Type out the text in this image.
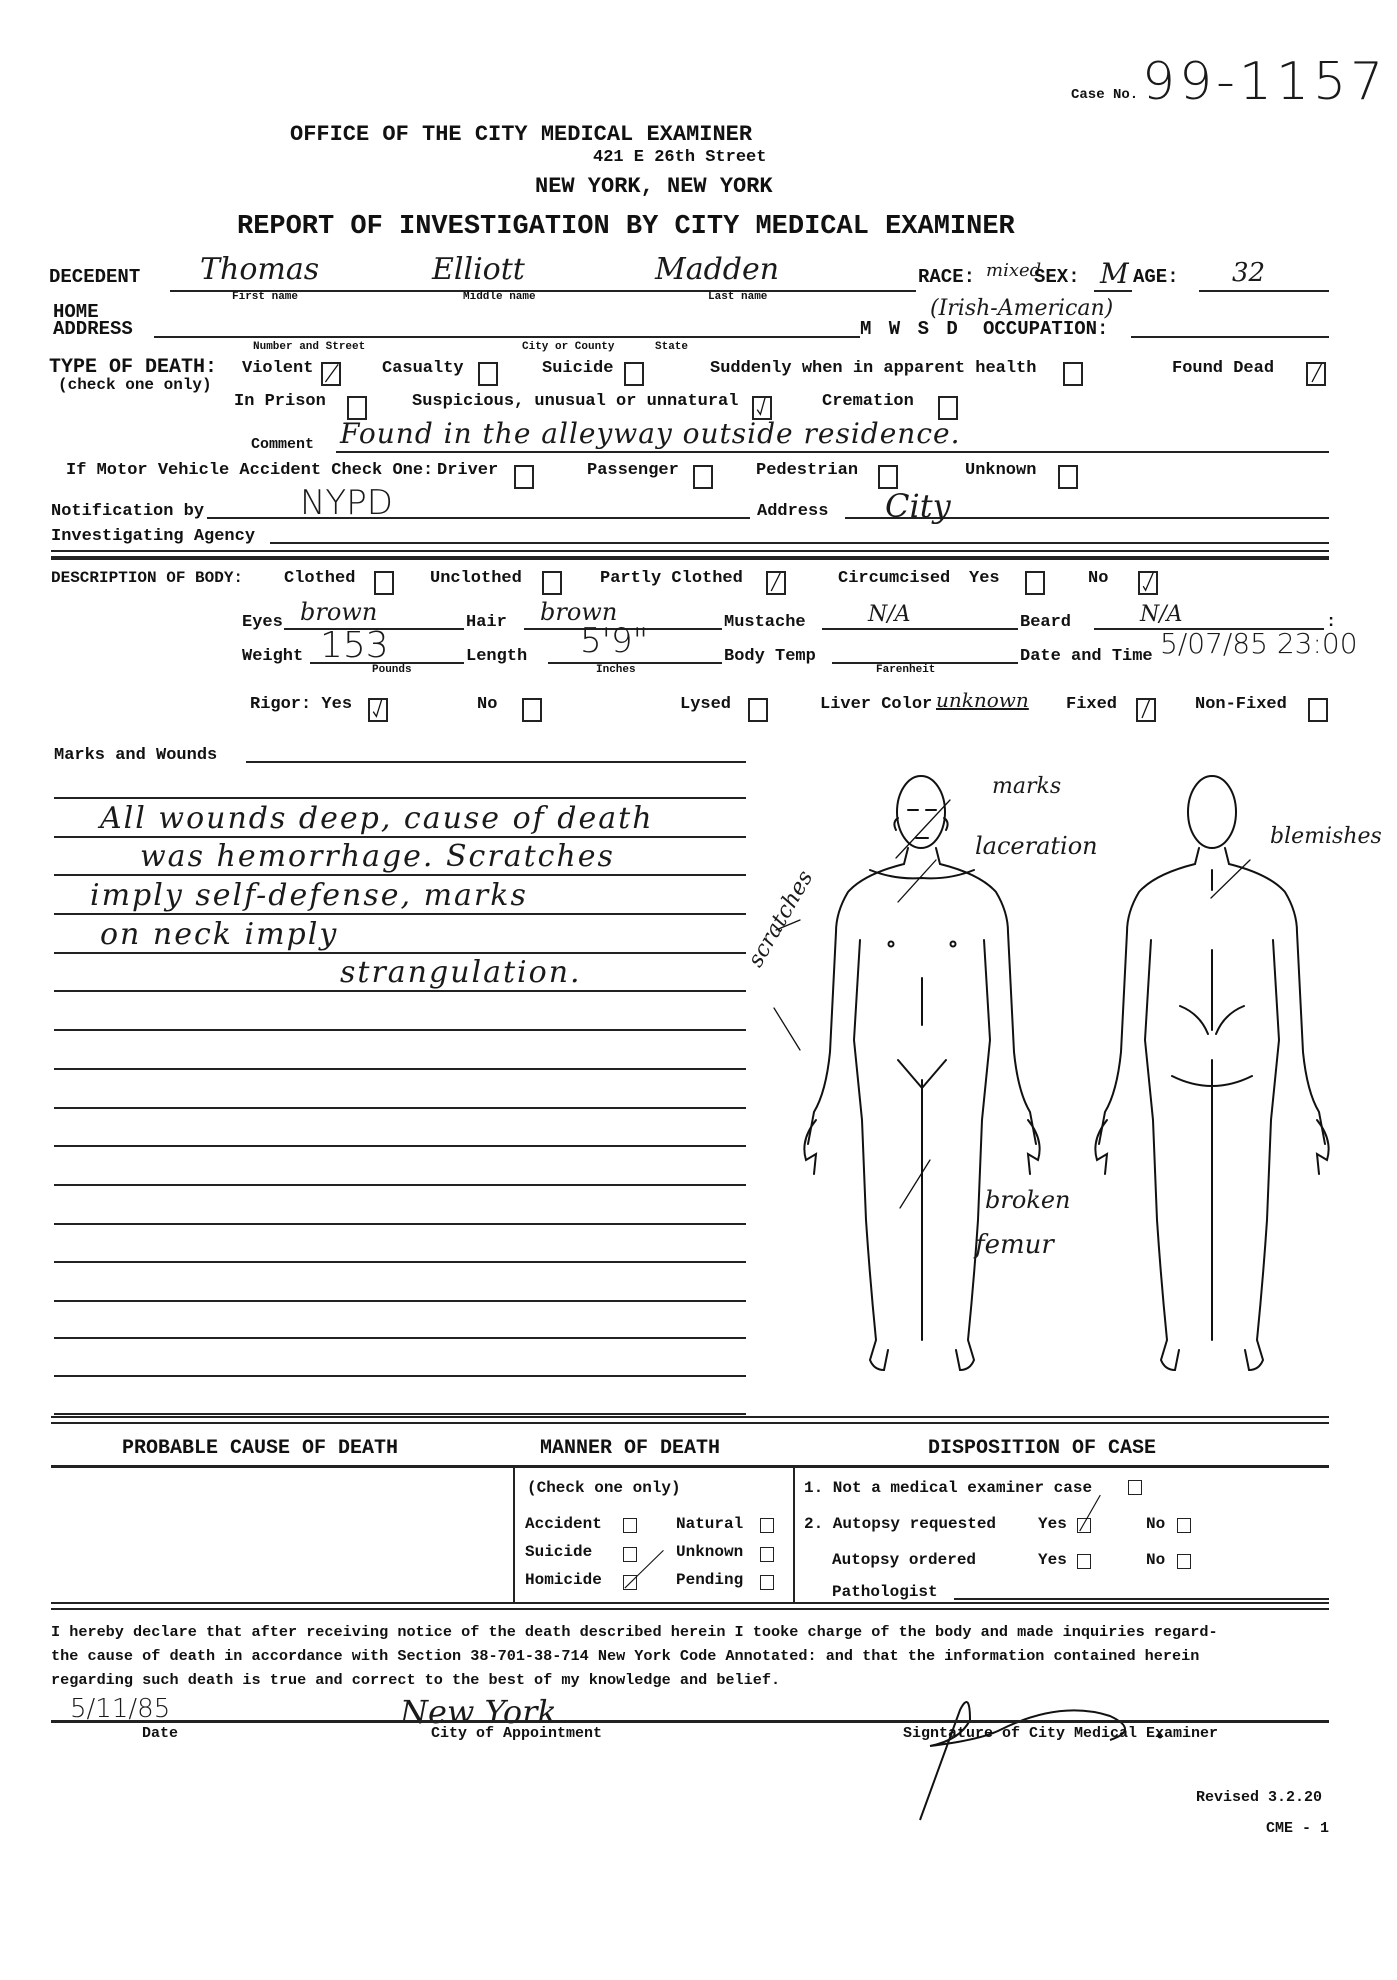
Case No. 99-1157
OFFICE OF THE CITY MEDICAL EXAMINER
421 E 26th Street
NEW YORK, NEW YORK
REPORT OF INVESTIGATION BY CITY MEDICAL EXAMINER
DECEDENT Thomas	Elliott	Madden
First name	Middle name	Last name
RACE: mixed
(Irish-American)
SEX: M AGE: 32
HOME
ADDRESS	M W S D OCCUPATION:
Number and Street	City or County	State
TYPE OF DEATH:
(check one only)
Violent	Casualty	Suicide	Suddenly when in apparent health	Found Dead
In Prison	Suspicious, unusual or unnatural	Cremation
Comment Found in the alleyway outside residence.
If Motor Vehicle Accident Check One: Driver	Passenger	Pedestrian	Unknown
Notification by	NYPD	Address City
Investigating Agency
DESCRIPTION OF BODY: Clothed	Unclothed	Partly Clothed	Circumcised Yes	No
Eyes brown	Hair brown	Mustache	N/A	Beard	N/A	:
Weight 153
Pounds
Length 5'9"
Inches
Body Temp
Farenheit
Date and Time 5/07/85 23:00
Rigor: Yes	No	Lysed	Liver Color unknown Fixed	Non-Fixed
Marks and Wounds
All wounds deep, cause of death
was hemorrhage. Scratches
imply self-defense, marks
on neck imply
strangulation.
marks
laceration
scratches
blemishes
broken
femur
PROBABLE CAUSE OF DEATH	MANNER OF DEATH	DISPOSITION OF CASE
(Check one only)
Accident	Natural
Suicide	Unknown
Homicide	Pending
1. Not a medical examiner case
2. Autopsy requested	Yes	No
Autopsy ordered	Yes	No
Pathologist
I hereby declare that after receiving notice of the death described herein I tooke charge of the body and made inquiries regard-
the cause of death in accordance with Section 38-701-38-714 New York Code Annotated: and that the information contained herein
regarding such death is true and correct to the best of my knowledge and belief.
5/11/85	New York
Date	City of Appointment	Signtature of City Medical Examiner
Revised 3.2.20
CME - 1
